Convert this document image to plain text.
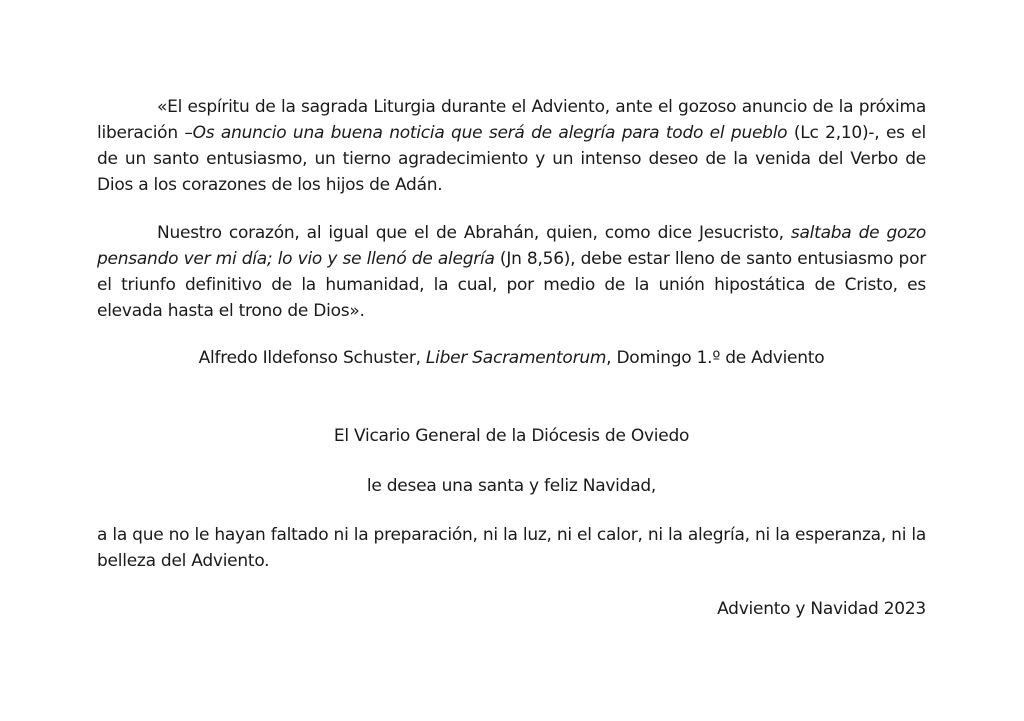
«El espíritu de la sagrada Liturgia durante el Adviento, ante el gozoso anuncio de la próxima liberación –Os anuncio una buena noticia que será de alegría para todo el pueblo (Lc 2,10)-, es el de un santo entusiasmo, un tierno agradecimiento y un intenso deseo de la venida del Verbo de Dios a los corazones de los hijos de Adán.

Nuestro corazón, al igual que el de Abrahán, quien, como dice Jesucristo, saltaba de gozo pensando ver mi día; lo vio y se llenó de alegría (Jn 8,56), debe estar lleno de santo entusiasmo por el triunfo definitivo de la humanidad, la cual, por medio de la unión hipostática de Cristo, es elevada hasta el trono de Dios».

Alfredo Ildefonso Schuster, Liber Sacramentorum, Domingo 1.º de Adviento

El Vicario General de la Diócesis de Oviedo

le desea una santa y feliz Navidad,

a la que no le hayan faltado ni la preparación, ni la luz, ni el calor, ni la alegría, ni la esperanza, ni la belleza del Adviento.

Adviento y Navidad 2023
